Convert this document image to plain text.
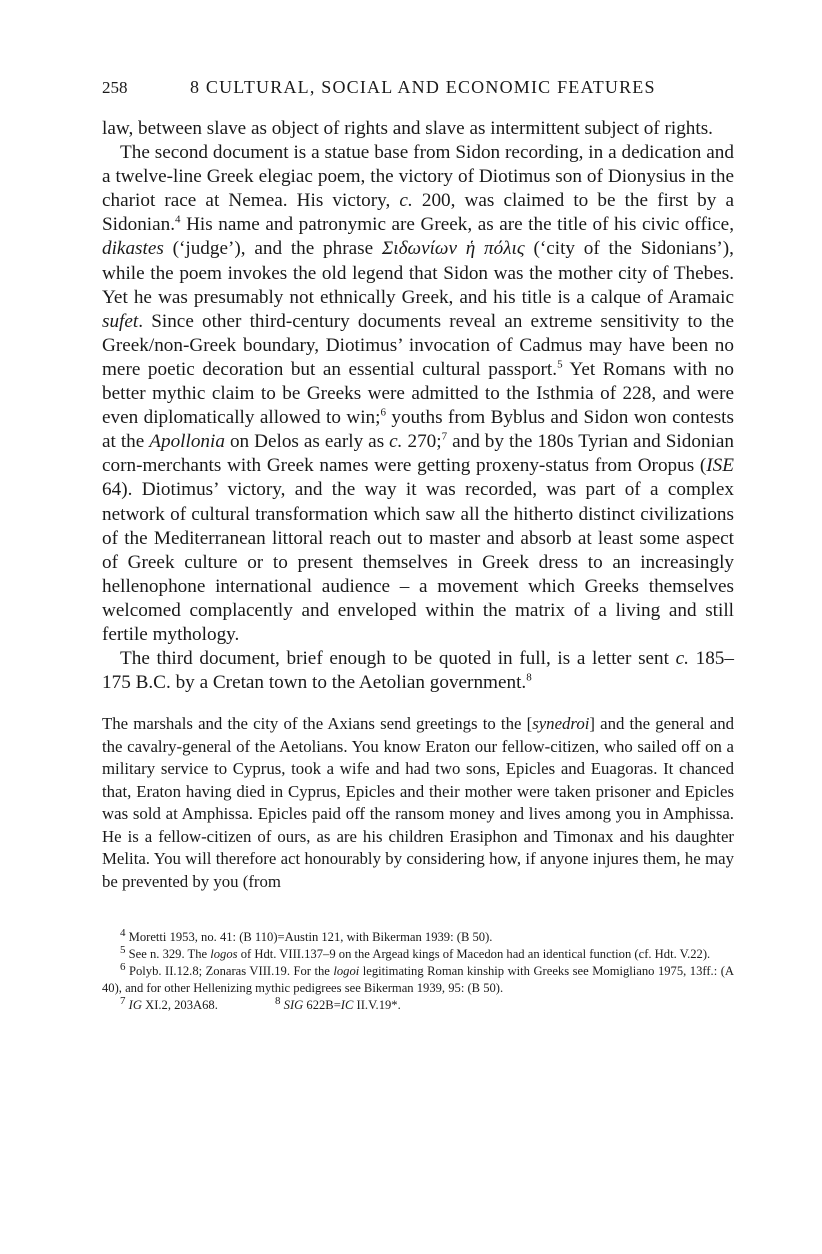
258	8 CULTURAL, SOCIAL AND ECONOMIC FEATURES

law, between slave as object of rights and slave as intermittent subject of rights.

The second document is a statue base from Sidon recording, in a dedication and a twelve-line Greek elegiac poem, the victory of Diotimus son of Dionysius in the chariot race at Nemea. His victory, c. 200, was claimed to be the first by a Sidonian.$^4$ His name and patronymic are Greek, as are the title of his civic office, dikastes (‘judge’), and the phrase Σιδωνίων ἡ πόλις (‘city of the Sidonians’), while the poem invokes the old legend that Sidon was the mother city of Thebes. Yet he was presumably not ethnically Greek, and his title is a calque of Aramaic sufet. Since other third-century documents reveal an extreme sensitivity to the Greek/non-Greek boundary, Diotimus’ invocation of Cadmus may have been no mere poetic decoration but an essential cultural passport.$^5$ Yet Romans with no better mythic claim to be Greeks were admitted to the Isthmia of 228, and were even diplomatically allowed to win;$^6$ youths from Byblus and Sidon won contests at the Apollonia on Delos as early as c. 270;$^7$ and by the 180s Tyrian and Sidonian corn-merchants with Greek names were getting proxeny-status from Oropus (ISE 64). Diotimus’ victory, and the way it was recorded, was part of a complex network of cultural transformation which saw all the hitherto distinct civilizations of the Mediterranean littoral reach out to master and absorb at least some aspect of Greek culture or to present themselves in Greek dress to an increasingly hellenophone international audience – a movement which Greeks themselves welcomed complacently and enveloped within the matrix of a living and still fertile mythology.

The third document, brief enough to be quoted in full, is a letter sent c. 185–175 B.C. by a Cretan town to the Aetolian government.$^8$

The marshals and the city of the Axians send greetings to the [synedroi] and the general and the cavalry-general of the Aetolians. You know Eraton our fellow-citizen, who sailed off on a military service to Cyprus, took a wife and had two sons, Epicles and Euagoras. It chanced that, Eraton having died in Cyprus, Epicles and their mother were taken prisoner and Epicles was sold at Amphissa. Epicles paid off the ransom money and lives among you in Amphissa. He is a fellow-citizen of ours, as are his children Erasiphon and Timonax and his daughter Melita. You will therefore act honourably by considering how, if anyone injures them, he may be prevented by you (from

4 Moretti 1953, no. 41: (B 110)=Austin 121, with Bikerman 1939: (B 50).

5 See n. 329. The logos of Hdt. VIII.137–9 on the Argead kings of Macedon had an identical function (cf. Hdt. V.22).

6 Polyb. II.12.8; Zonaras VIII.19. For the logoi legitimating Roman kinship with Greeks see Momigliano 1975, 13ff.: (A 40), and for other Hellenizing mythic pedigrees see Bikerman 1939, 95: (B 50).

7 IG XI.2, 203A68.	8 SIG 622B=IC II.V.19*.
